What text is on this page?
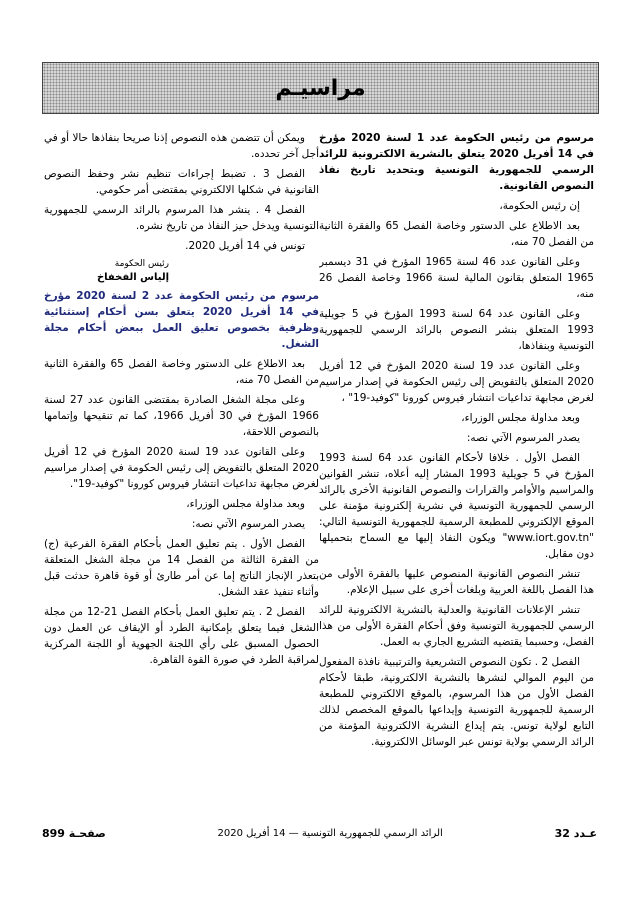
مراسيـم

مرسوم من رئيس الحكومة عدد 1 لسنة 2020 مؤرخ في 14 أفريل 2020 يتعلق بالنشرية الالكترونية للرائد الرسمي للجمهورية التونسية وبتحديد تاريخ نفاذ النصوص القانونية.

إن رئيس الحكومة،

بعد الاطلاع على الدستور وخاصة الفصل 65 والفقرة الثانية من الفصل 70 منه،

وعلى القانون عدد 46 لسنة 1965 المؤرخ في 31 ديسمبر 1965 المتعلق بقانون المالية لسنة 1966 وخاصة الفصل 26 منه،

وعلى القانون عدد 64 لسنة 1993 المؤرخ في 5 جويلية 1993 المتعلق بنشر النصوص بالرائد الرسمي للجمهورية التونسية وبنفاذها،

وعلى القانون عدد 19 لسنة 2020 المؤرخ في 12 أفريل 2020 المتعلق بالتفويض إلى رئيس الحكومة في إصدار مراسيم لغرض مجابهة تداعيات انتشار فيروس كورونا "كوفيد-19" ،

وبعد مداولة مجلس الوزراء،

يصدر المرسوم الآتي نصه:

الفصل الأول . خلافا لأحكام القانون عدد 64 لسنة 1993 المؤرخ في 5 جويلية 1993 المشار إليه أعلاه، تنشر القوانين والمراسيم والأوامر والقرارات والنصوص القانونية الأخرى بالرائد الرسمي للجمهورية التونسية في نشرية إلكترونية مؤمنة على الموقع الإلكتروني للمطبعة الرسمية للجمهورية التونسية التالي: "www.iort.gov.tn" ويكون النفاذ إليها مع السماح بتحميلها دون مقابل.

تنشر النصوص القانونية المنصوص عليها بالفقرة الأولى من هذا الفصل باللغة العربية وبلغات أخرى على سبيل الإعلام.

تنشر الإعلانات القانونية والعدلية بالنشرية الالكترونية للرائد الرسمي للجمهورية التونسية وفق أحكام الفقرة الأولى من هذا الفصل، وحسبما يقتضيه التشريع الجاري به العمل.

الفصل 2 . تكون النصوص التشريعية والترتيبية نافذة المفعول من اليوم الموالي لنشرها بالنشرية الالكترونية، طبقا لأحكام الفصل الأول من هذا المرسوم، بالموقع الالكتروني للمطبعة الرسمية للجمهورية التونسية وإيداعها بالموقع المخصص لذلك التابع لولاية تونس. يتم إيداع النشرية الالكترونية المؤمنة من الرائد الرسمي بولاية تونس عبر الوسائل الالكترونية.

ويمكن أن تتضمن هذه النصوص إذنا صريحا بنفاذها حالا أو في أجل آخر تحدده.

الفصل 3 . تضبط إجراءات تنظيم نشر وحفظ النصوص القانونية في شكلها الالكتروني بمقتضى أمر حكومي.

الفصل 4 . ينشر هذا المرسوم بالرائد الرسمي للجمهورية التونسية ويدخل حيز النفاذ من تاريخ نشره.

تونس في 14 أفريل 2020.

رئيس الحكومة
إلياس الفخفاخ

مرسوم من رئيس الحكومة عدد 2 لسنة 2020 مؤرخ في 14 أفريل 2020 يتعلق بسن أحكام إستثنائية وظرفية بخصوص تعليق العمل ببعض أحكام مجلة الشغل.

بعد الاطلاع على الدستور وخاصة الفصل 65 والفقرة الثانية من الفصل 70 منه،

وعلى مجلة الشغل الصادرة بمقتضى القانون عدد 27 لسنة 1966 المؤرخ في 30 أفريل 1966، كما تم تنقيحها وإتمامها بالنصوص اللاحقة،

وعلى القانون عدد 19 لسنة 2020 المؤرخ في 12 أفريل 2020 المتعلق بالتفويض إلى رئيس الحكومة في إصدار مراسيم لغرض مجابهة تداعيات انتشار فيروس كورونا "كوفيد-19".

وبعد مداولة مجلس الوزراء،

يصدر المرسوم الآتي نصه:

الفصل الأول . يتم تعليق العمل بأحكام الفقرة الفرعية (ج) من الفقرة الثالثة من الفصل 14 من مجلة الشغل المتعلقة بتعذر الإنجاز الناتج إما عن أمر طارئ أو قوة قاهرة حدثت قبل وأثناء تنفيذ عقد الشغل.

الفصل 2 . يتم تعليق العمل بأحكام الفصل 21-12 من مجلة الشغل فيما يتعلق بإمكانية الطرد أو الإيقاف عن العمل دون الحصول المسبق على رأي اللجنة الجهوية أو اللجنة المركزية لمراقبة الطرد في صورة القوة القاهرة.

عـدد 32
الرائد الرسمي للجمهورية التونسية — 14 أفريل 2020
صفحـة 899
